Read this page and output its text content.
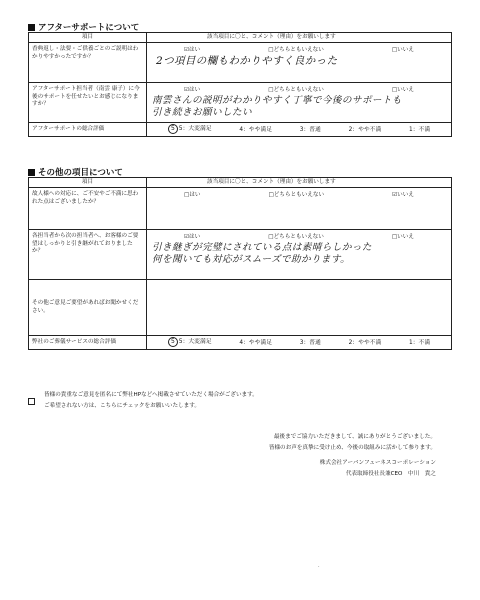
アフターサポートについて
項目	該当項目に〇と、コメント（理由）をお願いします
香典返し・法要・ご供養ごとのご説明はわかりやすかったですか？	☑はい □どちらともいえない □いいえ
2つ項目の欄もわかりやすく良かった

アフターサポート担当者（南雲 康子）に今後のサポートを任せたいとお感じになりますか？	☑はい □どちらともいえない □いいえ
南雲さんの説明がわかりやすく丁寧で今後のサポートも
引き続きお願いしたい

アフターサポートの総合評価	5 5：大変満足 4：やや満足 3：普通 2：やや不満 1：不満
その他の項目について
項目	該当項目に〇と、コメント（理由）をお願いします
故人様への対応に、ご不安やご不満に思われた点はございましたか？	□はい □どちらともいえない ☑いいえ

各担当者から次の担当者へ、お客様のご要望はしっかりと引き継がれておりましたか？	☑はい □どちらともいえない □いいえ
引き継ぎが完璧にされている点は素晴らしかった
何を聞いても対応がスムーズで助かります。

その他ご意見ご要望があればお聞かせください。	
弊社のご葬儀サービスの総合評価	5 5：大変満足 4：やや満足 3：普通 2：やや不満 1：不満
皆様の貴重なご意見を匿名にて弊社HPなどへ掲載させていただく場合がございます。
ご希望されない方は、こちらにチェックをお願いいたします。
最後までご協力いただきまして、誠にありがとうございました。
皆様のお声を真摯に受け止め、今後の取組みに活かして参ります。
株式会社アーバンフューネスコーポレーション
代表取締役社長兼CEO　中川　貴之
·
